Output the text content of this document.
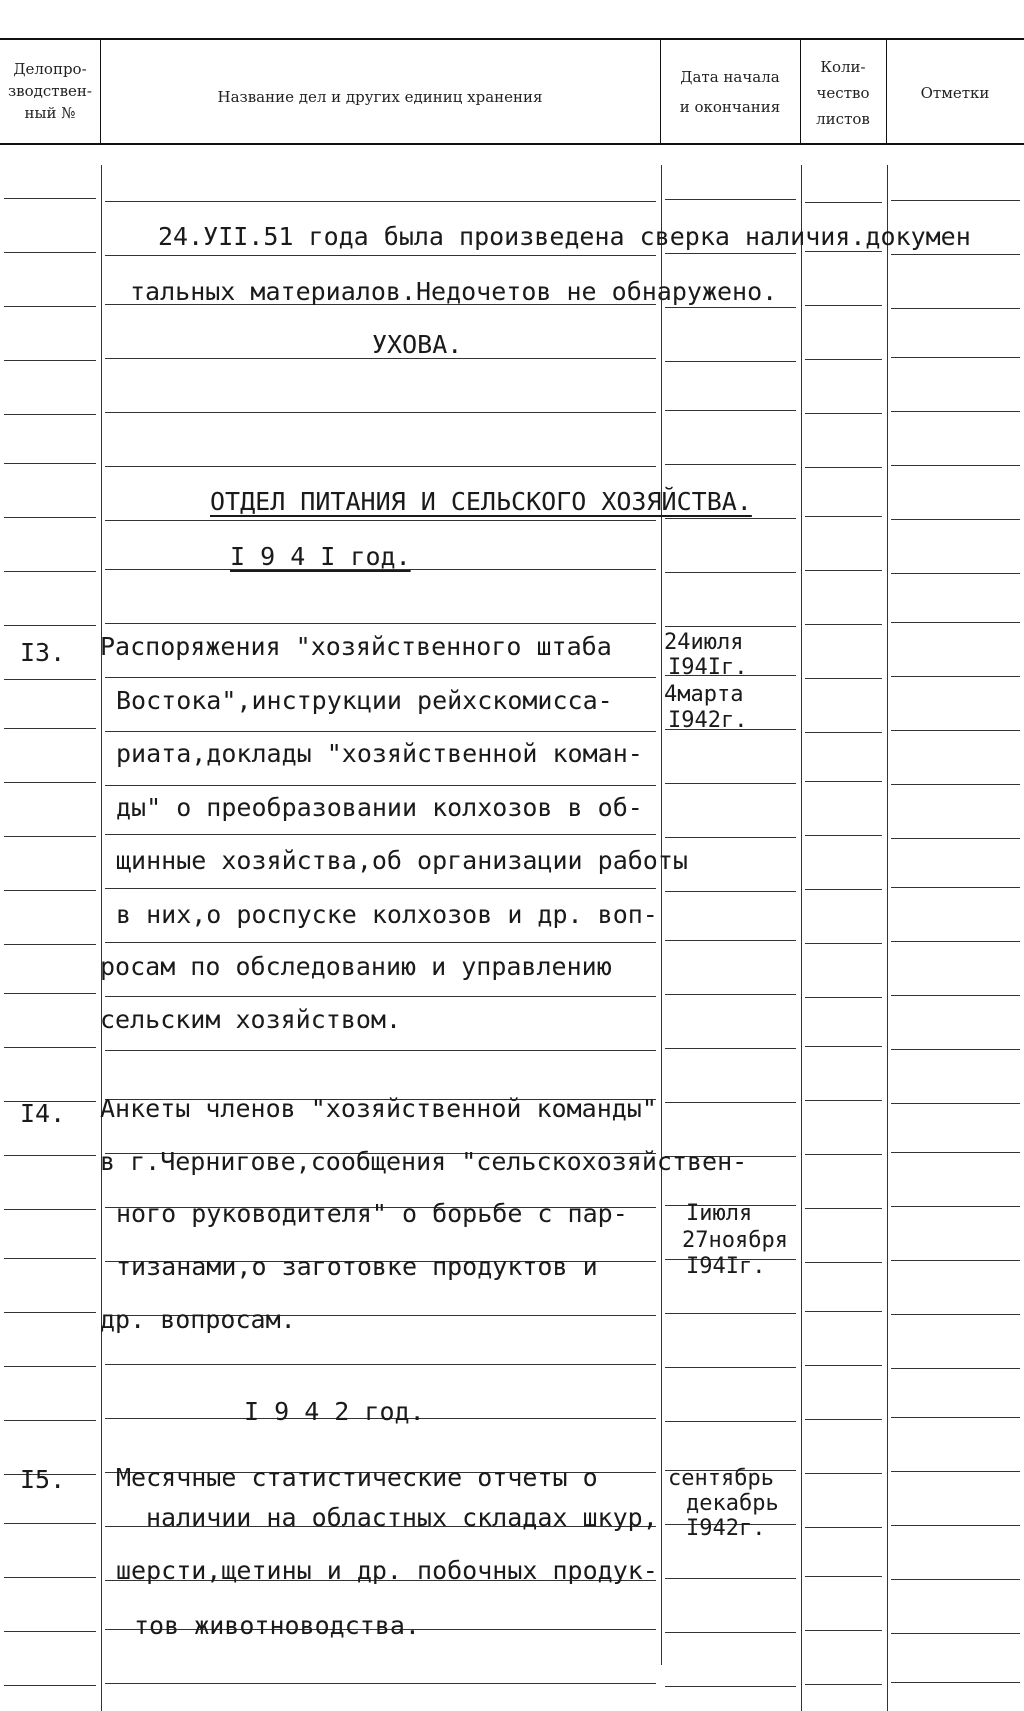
Делопро-
зводствен-
ный №
Название дел и других единиц хранения
Дата начала
и окончания
Коли-
чество
листов
Отметки
24.УII.51 года была произведена сверка наличия.докумен
тальных материалов.Недочетов не обнаружено.
УХОВА.
ОТДЕЛ ПИТАНИЯ И СЕЛЬСКОГО ХОЗЯЙСТВА.
I 9 4 I год.
I3. Распоряжения "хозяйственного штаба
Востока",инструкции рейхскомисса-
риата,доклады "хозяйственной коман-
ды" о преобразовании колхозов в об-
щинные хозяйства,об организации работы
в них,о роспуске колхозов и др. воп-
росам по обследованию и управлению
сельским хозяйством.
24июля
I94Iг.
4марта
I942г.
I4. Анкеты членов "хозяйственной команды"
в г.Чернигове,сообщения "сельскохозяйствен-
ного руководителя" о борьбе с пар-
тизанами,о заготовке продуктов и
др. вопросам.
Iиюля
27ноября
I94Iг.
I 9 4 2 год.
I5. Месячные статистические отчеты о
наличии на областных складах шкур,
шерсти,щетины и др. побочных продук-
тов животноводства.
сентябрь
декабрь
I942г.
